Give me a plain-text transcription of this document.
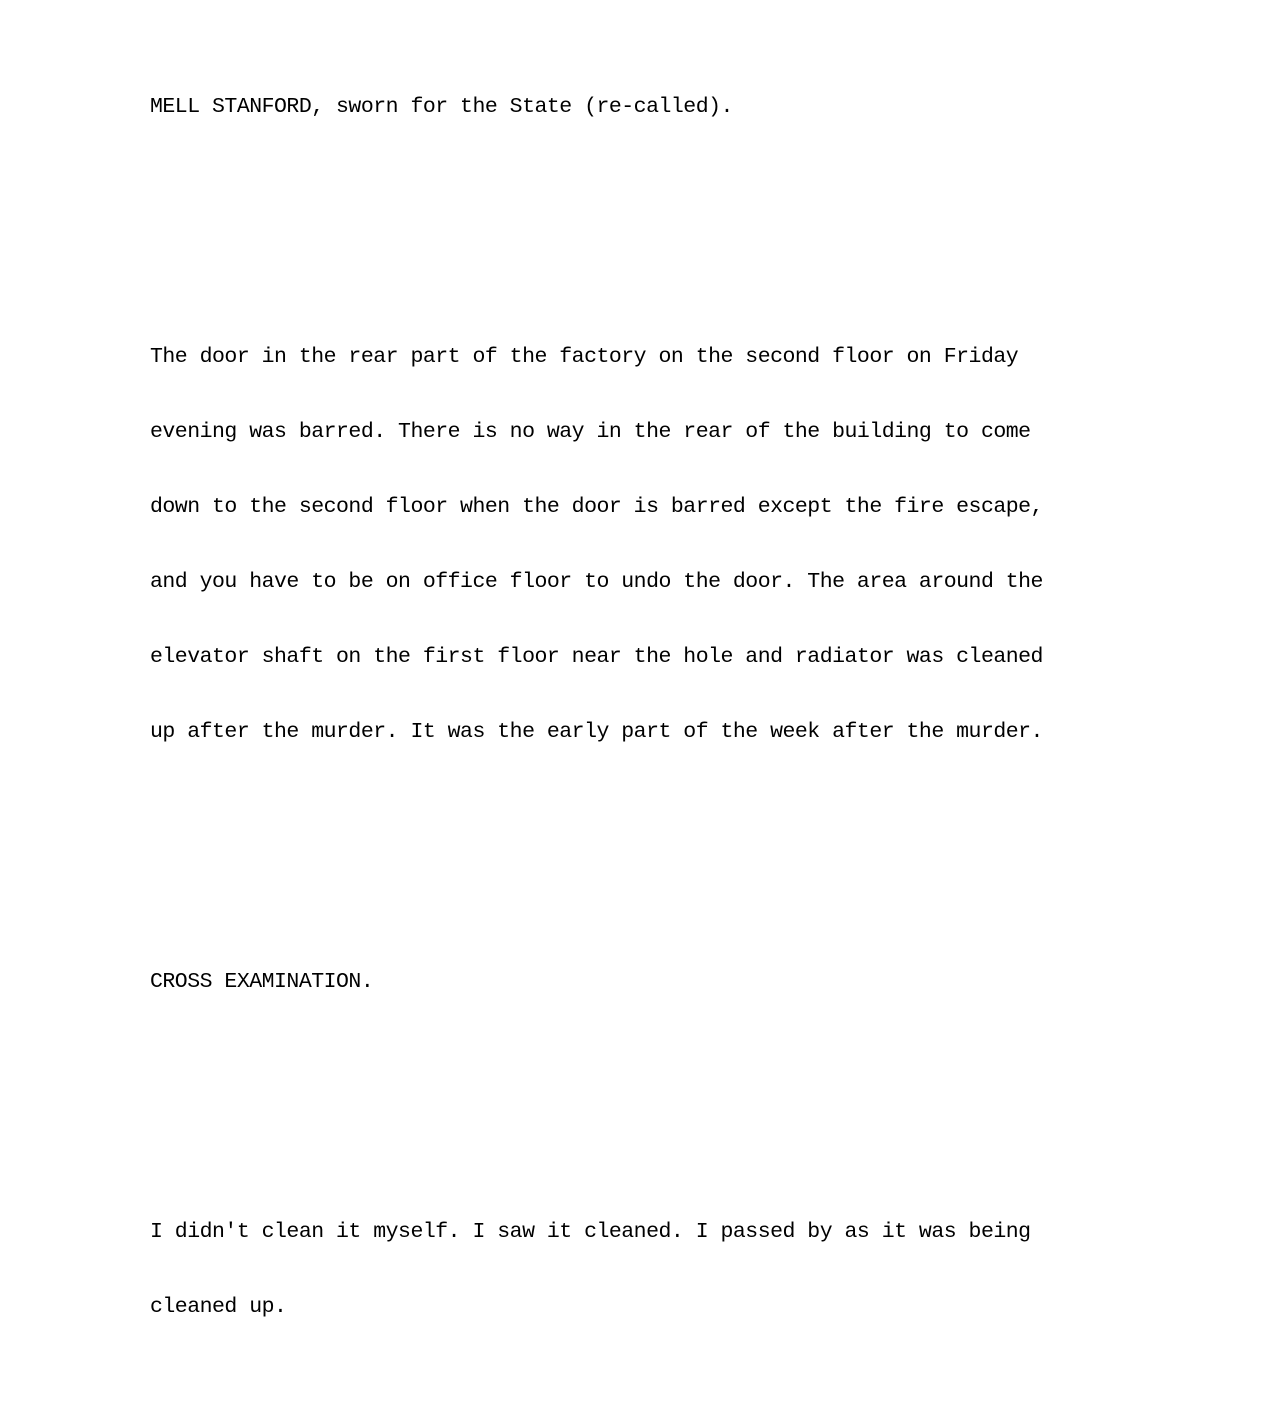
MELL STANFORD, sworn for the State (re-called).

The door in the rear part of the factory on the second floor on Friday

evening was barred. There is no way in the rear of the building to come

down to the second floor when the door is barred except the fire escape,

and you have to be on office floor to undo the door. The area around the

elevator shaft on the first floor near the hole and radiator was cleaned

up after the murder. It was the early part of the week after the murder.

CROSS EXAMINATION.

I didn't clean it myself. I saw it cleaned. I passed by as it was being

cleaned up.
